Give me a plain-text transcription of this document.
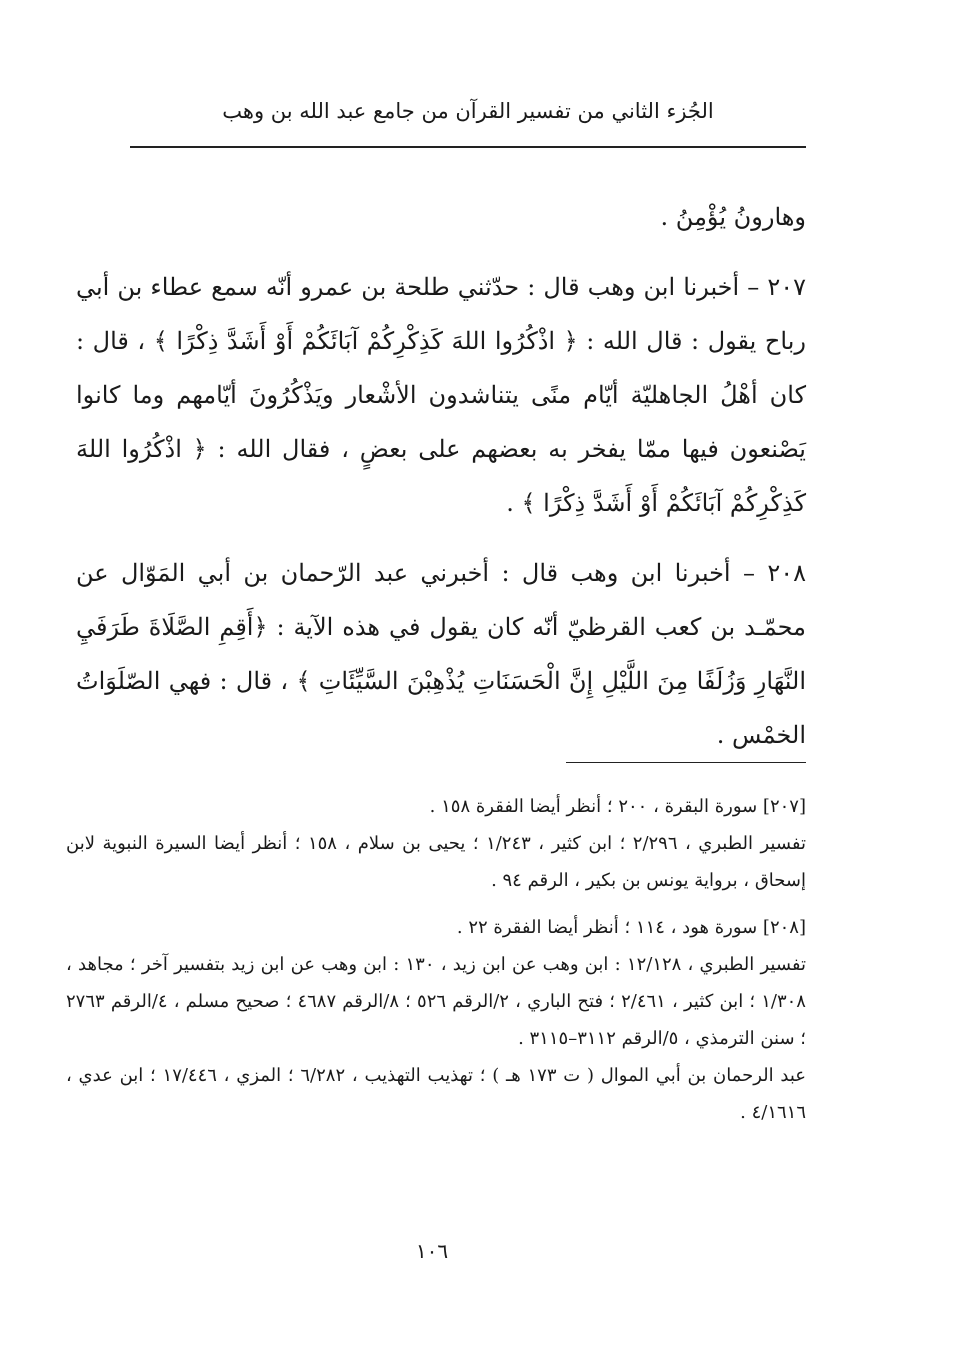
الجُزء الثاني من تفسير القرآن من جامع عبد الله بن وهب

وهارونُ يُؤْمِنُ .

٢٠٧ – أخبرنا ابن وهب قال : حدّثني طلحة بن عمرو أنّه سمع عطاء بن أبي رباح يقول : قال الله : ﴿ اذْكُرُوا اللهَ كَذِكْرِكُمْ آبَائَكُمْ أَوْ أَشَدَّ ذِكْرًا ﴾ ، قال : كان أهْلُ الجاهليّة أيّام منًى يتناشدون الأشْعار ويَذْكُرُونَ أيّامهم وما كانوا يَصْنعون فيها ممّا يفخر به بعضهم على بعضٍ ، فقال الله : ﴿ اذْكُرُوا اللهَ كَذِكْرِكُمْ آبَائَكُمْ أَوْ أَشَدَّ ذِكْرًا ﴾ .

٢٠٨ – أخبرنا ابن وهب قال : أخبرني عبد الرّحمان بن أبي المَوّال عن محمّـد بن كعب القرظيّ أنّه كان يقول في هذه الآية : ﴿أَقِمِ الصَّلَاةَ طَرَفَيِ النَّهَارِ وَزُلَفًا مِنَ اللَّيْلِ إِنَّ الْحَسَنَاتِ يُذْهِبْنَ السَّيِّئَاتِ ﴾ ، قال : فهي الصّلَوَاتُ الخمْس .

[٢٠٧] سورة البقرة ، ٢٠٠ ؛ أنظر أيضا الفقرة ١٥٨ .

تفسير الطبري ، ٢/٢٩٦ ؛ ابن كثير ، ١/٢٤٣ ؛ يحيى بن سلام ، ١٥٨ ؛ أنظر أيضا السيرة النبوية لابن إسحاق ، برواية يونس بن بكير ، الرقم ٩٤ .

[٢٠٨] سورة هود ، ١١٤ ؛ أنظر أيضا الفقرة ٢٢ .

تفسير الطبري ، ١٢/١٢٨ : ابن وهب عن ابن زيد ، ١٣٠ : ابن وهب عن ابن زيد بتفسير آخر ؛ مجاهد ، ١/٣٠٨ ؛ ابن كثير ، ٢/٤٦١ ؛ فتح الباري ، ٢/الرقم ٥٢٦ ؛ ٨/الرقم ٤٦٨٧ ؛ صحيح مسلم ، ٤/الرقم ٢٧٦٣ ؛ سنن الترمذي ، ٥/الرقم ٣١١٢–٣١١٥ .

عبد الرحمان بن أبي الموال ( ت ١٧٣ هـ ) ؛ تهذيب التهذيب ، ٦/٢٨٢ ؛ المزي ، ١٧/٤٤٦ ؛ ابن عدي ، ٤/١٦١٦ .

١٠٦
